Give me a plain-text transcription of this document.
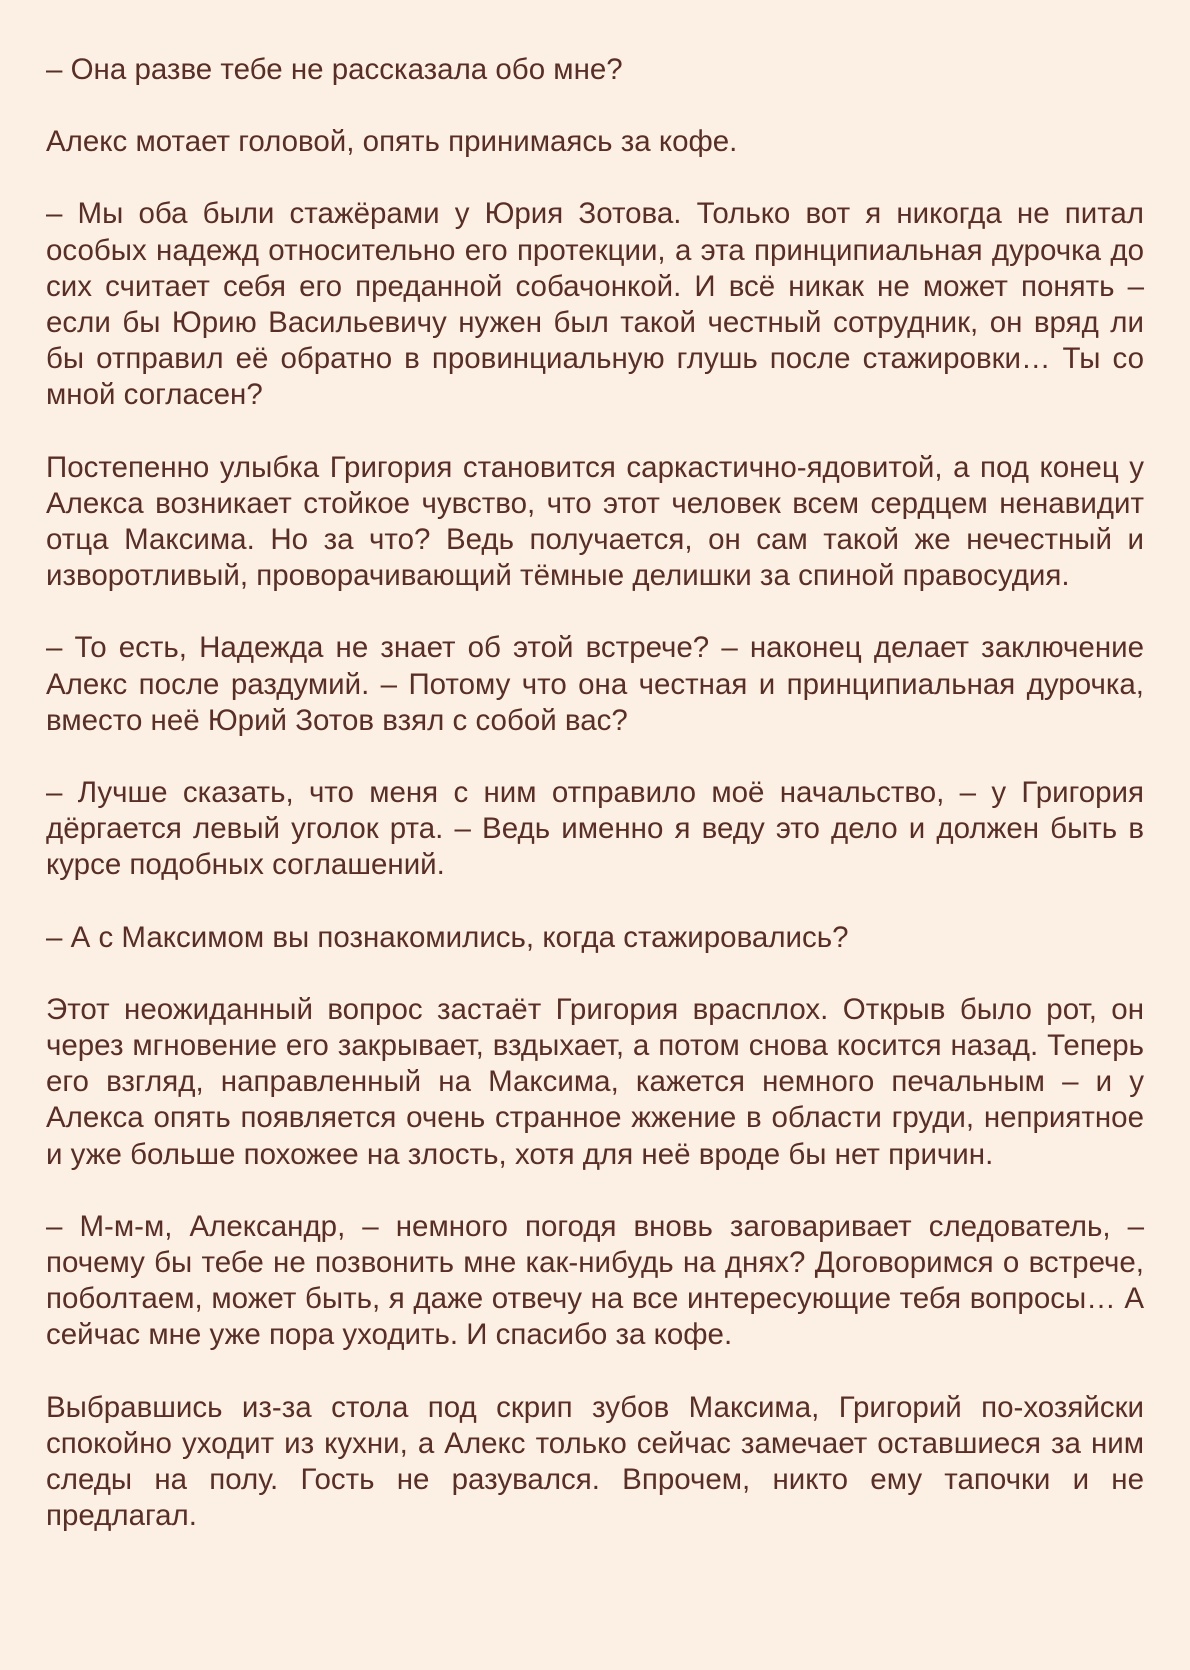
– Она разве тебе не рассказала обо мне?

Алекс мотает головой, опять принимаясь за кофе.

– Мы оба были стажёрами у Юрия Зотова. Только вот я никогда не питал особых надежд относительно его протекции, а эта принципиальная дурочка до сих считает себя его преданной собачонкой. И всё никак не может понять – если бы Юрию Васильевичу нужен был такой честный сотрудник, он вряд ли бы отправил её обратно в провинциальную глушь после стажировки… Ты со мной согласен?

Постепенно улыбка Григория становится саркастично-ядовитой, а под конец у Алекса возникает стойкое чувство, что этот человек всем сердцем ненавидит отца Максима. Но за что? Ведь получается, он сам такой же нечестный и изворотливый, проворачивающий тёмные делишки за спиной правосудия.

– То есть, Надежда не знает об этой встрече? – наконец делает заключение Алекс после раздумий. – Потому что она честная и принципиальная дурочка, вместо неё Юрий Зотов взял с собой вас?

– Лучше сказать, что меня с ним отправило моё начальство, – у Григория дёргается левый уголок рта. – Ведь именно я веду это дело и должен быть в курсе подобных соглашений.

– А с Максимом вы познакомились, когда стажировались?

Этот неожиданный вопрос застаёт Григория врасплох. Открыв было рот, он через мгновение его закрывает, вздыхает, а потом снова косится назад. Теперь его взгляд, направленный на Максима, кажется немного печальным – и у Алекса опять появляется очень странное жжение в области груди, неприятное и уже больше похожее на злость, хотя для неё вроде бы нет причин.

– М-м-м, Александр, – немного погодя вновь заговаривает следователь, – почему бы тебе не позвонить мне как-нибудь на днях? Договоримся о встрече, поболтаем, может быть, я даже отвечу на все интересующие тебя вопросы… А сейчас мне уже пора уходить. И спасибо за кофе.

Выбравшись из-за стола под скрип зубов Максима, Григорий по-хозяйски спокойно уходит из кухни, а Алекс только сейчас замечает оставшиеся за ним следы на полу. Гость не разувался. Впрочем, никто ему тапочки и не предлагал.
